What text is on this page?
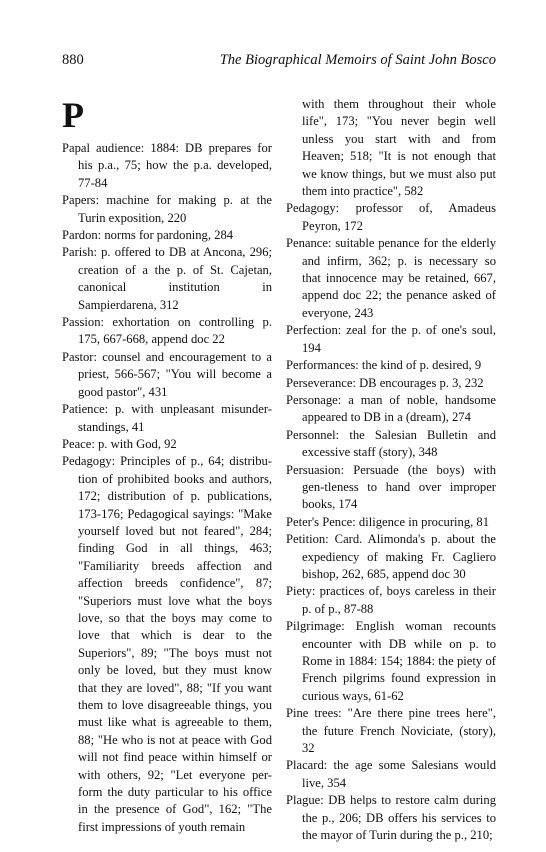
880	The Biographical Memoirs of Saint John Bosco
P

Papal audience: 1884: DB prepares for his p.a., 75; how the p.a. developed, 77-84

Papers: machine for making p. at the Turin exposition, 220

Pardon: norms for pardoning, 284

Parish: p. offered to DB at Ancona, 296; creation of a the p. of St. Cajetan, canonical institution in Sampierdarena, 312

Passion: exhortation on controlling p. 175, 667-668, append doc 22

Pastor: counsel and encouragement to a priest, 566-567; "You will become a good pastor", 431

Patience: p. with unpleasant misunder-standings, 41

Peace: p. with God, 92

Pedagogy: Principles of p., 64; distribu-tion of prohibited books and authors, 172; distribution of p. publications, 173-176; Pedagogical sayings: "Make yourself loved but not feared", 284; finding God in all things, 463; "Familiarity breeds affection and affection breeds confidence", 87; "Superiors must love what the boys love, so that the boys may come to love that which is dear to the Superiors", 89; "The boys must not only be loved, but they must know that they are loved", 88; "If you want them to love disagreeable things, you must like what is agreeable to them, 88; "He who is not at peace with God will not find peace within himself or with others, 92; "Let everyone per-form the duty particular to his office in the presence of God", 162; "The first impressions of youth remain

with them throughout their whole life", 173; "You never begin well unless you start with and from Heaven; 518; "It is not enough that we know things, but we must also put them into practice", 582

Pedagogy: professor of, Amadeus Peyron, 172

Penance: suitable penance for the elderly and infirm, 362; p. is necessary so that innocence may be retained, 667, append doc 22; the penance asked of everyone, 243

Perfection: zeal for the p. of one's soul, 194

Performances: the kind of p. desired, 9

Perseverance: DB encourages p. 3, 232

Personage: a man of noble, handsome appeared to DB in a (dream), 274

Personnel: the Salesian Bulletin and excessive staff (story), 348

Persuasion: Persuade (the boys) with gen-tleness to hand over improper books, 174

Peter's Pence: diligence in procuring, 81

Petition: Card. Alimonda's p. about the expediency of making Fr. Cagliero bishop, 262, 685, append doc 30

Piety: practices of, boys careless in their p. of p., 87-88

Pilgrimage: English woman recounts encounter with DB while on p. to Rome in 1884: 154; 1884: the piety of French pilgrims found expression in curious ways, 61-62

Pine trees: "Are there pine trees here", the future French Noviciate, (story), 32

Placard: the age some Salesians would live, 354

Plague: DB helps to restore calm during the p., 206; DB offers his services to the mayor of Turin during the p., 210;
